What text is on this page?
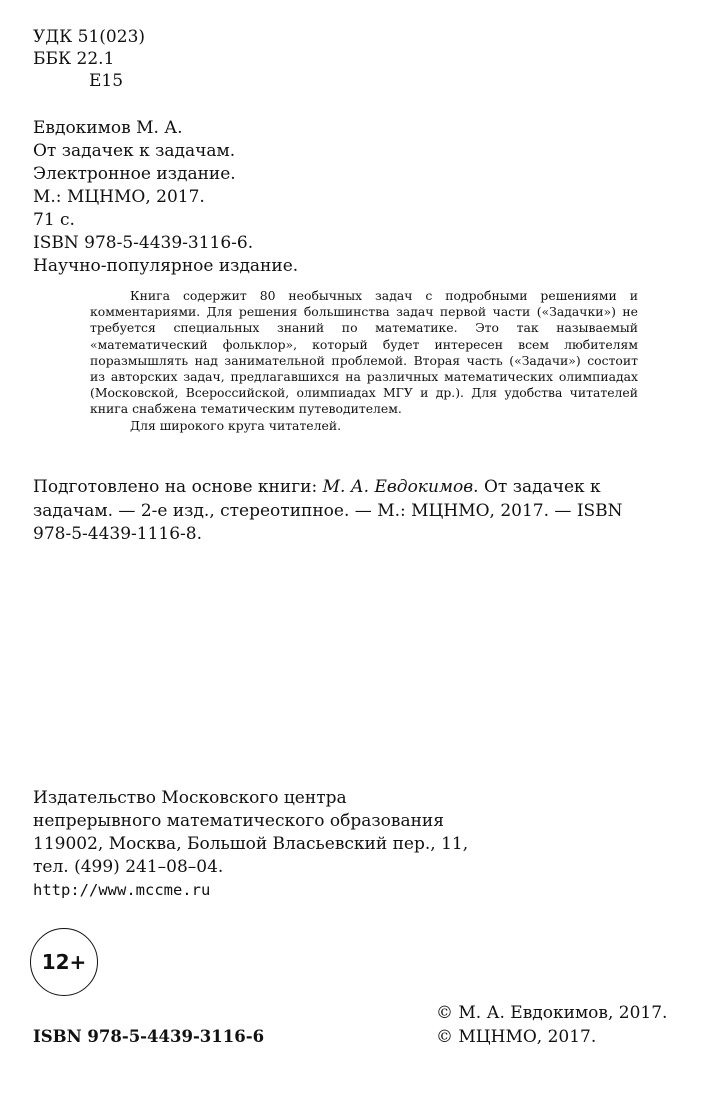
УДК 51(023)
ББК 22.1
Е15
Евдокимов М. А.
От задачек к задачам.
Электронное издание.
М.: МЦНМО, 2017.
71 с.
ISBN 978-5-4439-3116-6.
Научно-популярное издание.

Книга содержит 80 необычных задач с подробными решениями и комментариями. Для решения большинства задач первой части («Задачки») не требуется специальных знаний по математике. Это так называемый «математический фольклор», который будет интересен всем любителям поразмышлять над занимательной проблемой. Вторая часть («Задачи») состоит из авторских задач, предлагавшихся на различных математических олимпиадах (Московской, Всероссийской, олимпиадах МГУ и др.). Для удобства читателей книга снабжена тематическим путеводителем.

Для широкого круга читателей.

Подготовлено на основе книги: М. А. Евдокимов. От задачек к задачам. — 2-е изд., стереотипное. — М.: МЦНМО, 2017. — ISBN 978-5-4439-1116-8.
Издательство Московского центра
непрерывного математического образования
119002, Москва, Большой Власьевский пер., 11,
тел. (499) 241–08–04.
http://www.mccme.ru
12+
© М. А. Евдокимов, 2017.
© МЦНМО, 2017.
ISBN 978-5-4439-3116-6
